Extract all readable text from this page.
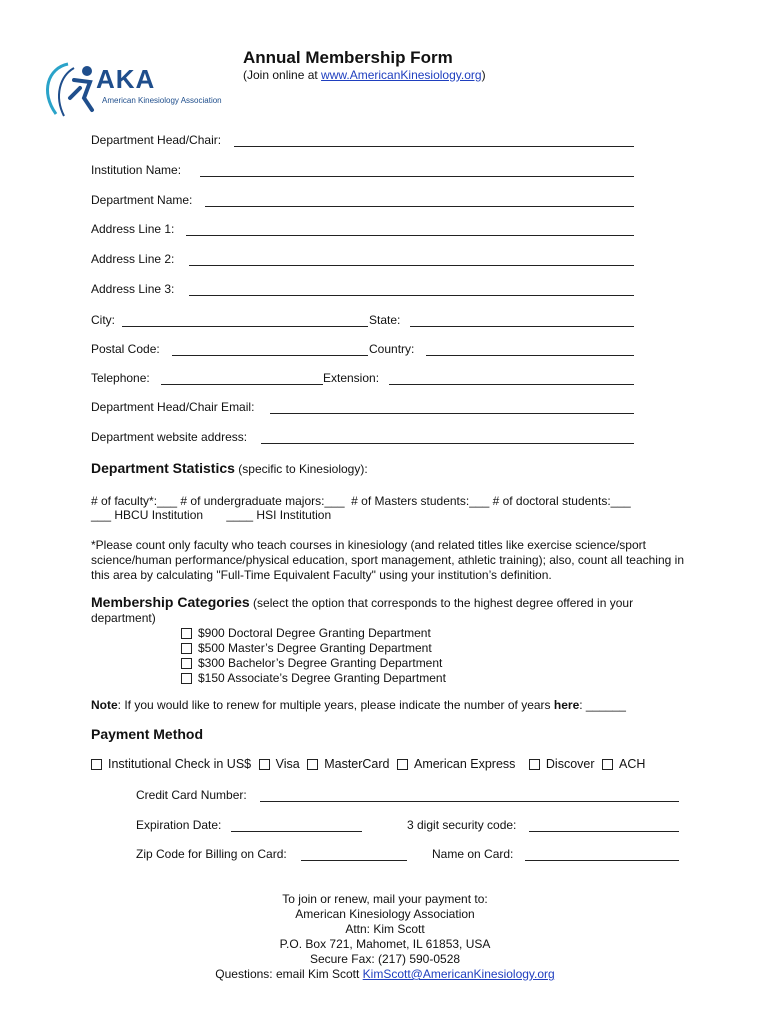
AKA
American Kinesiology Association
Annual Membership Form
(Join online at www.AmericanKinesiology.org)
Department Head/Chair:
Institution Name:
Department Name:
Address Line 1:
Address Line 2:
Address Line 3:
City:	State:
Postal Code:	Country:
Telephone:	Extension:
Department Head/Chair Email:
Department website address:
Department Statistics (specific to Kinesiology):
# of faculty*:___ # of undergraduate majors:___  # of Masters students:___ # of doctoral students:___
___ HBCU Institution       ____ HSI Institution
*Please count only faculty who teach courses in kinesiology (and related titles like exercise science/sport science/human performance/physical education, sport management, athletic training); also, count all teaching in this area by calculating "Full-Time Equivalent Faculty" using your institution’s definition.
Membership Categories (select the option that corresponds to the highest degree offered in your department)
$900 Doctoral Degree Granting Department
$500 Master’s Degree Granting Department
$300 Bachelor’s Degree Granting Department
$150 Associate’s Degree Granting Department
Note: If you would like to renew for multiple years, please indicate the number of years here: ______
Payment Method
Institutional Check in US$ Visa MasterCard American Express Discover ACH
Credit Card Number:
Expiration Date:	3 digit security code:
Zip Code for Billing on Card:	Name on Card:
To join or renew, mail your payment to:
American Kinesiology Association
Attn: Kim Scott
P.O. Box 721, Mahomet, IL 61853, USA
Secure Fax: (217) 590-0528
Questions: email Kim Scott KimScott@AmericanKinesiology.org
